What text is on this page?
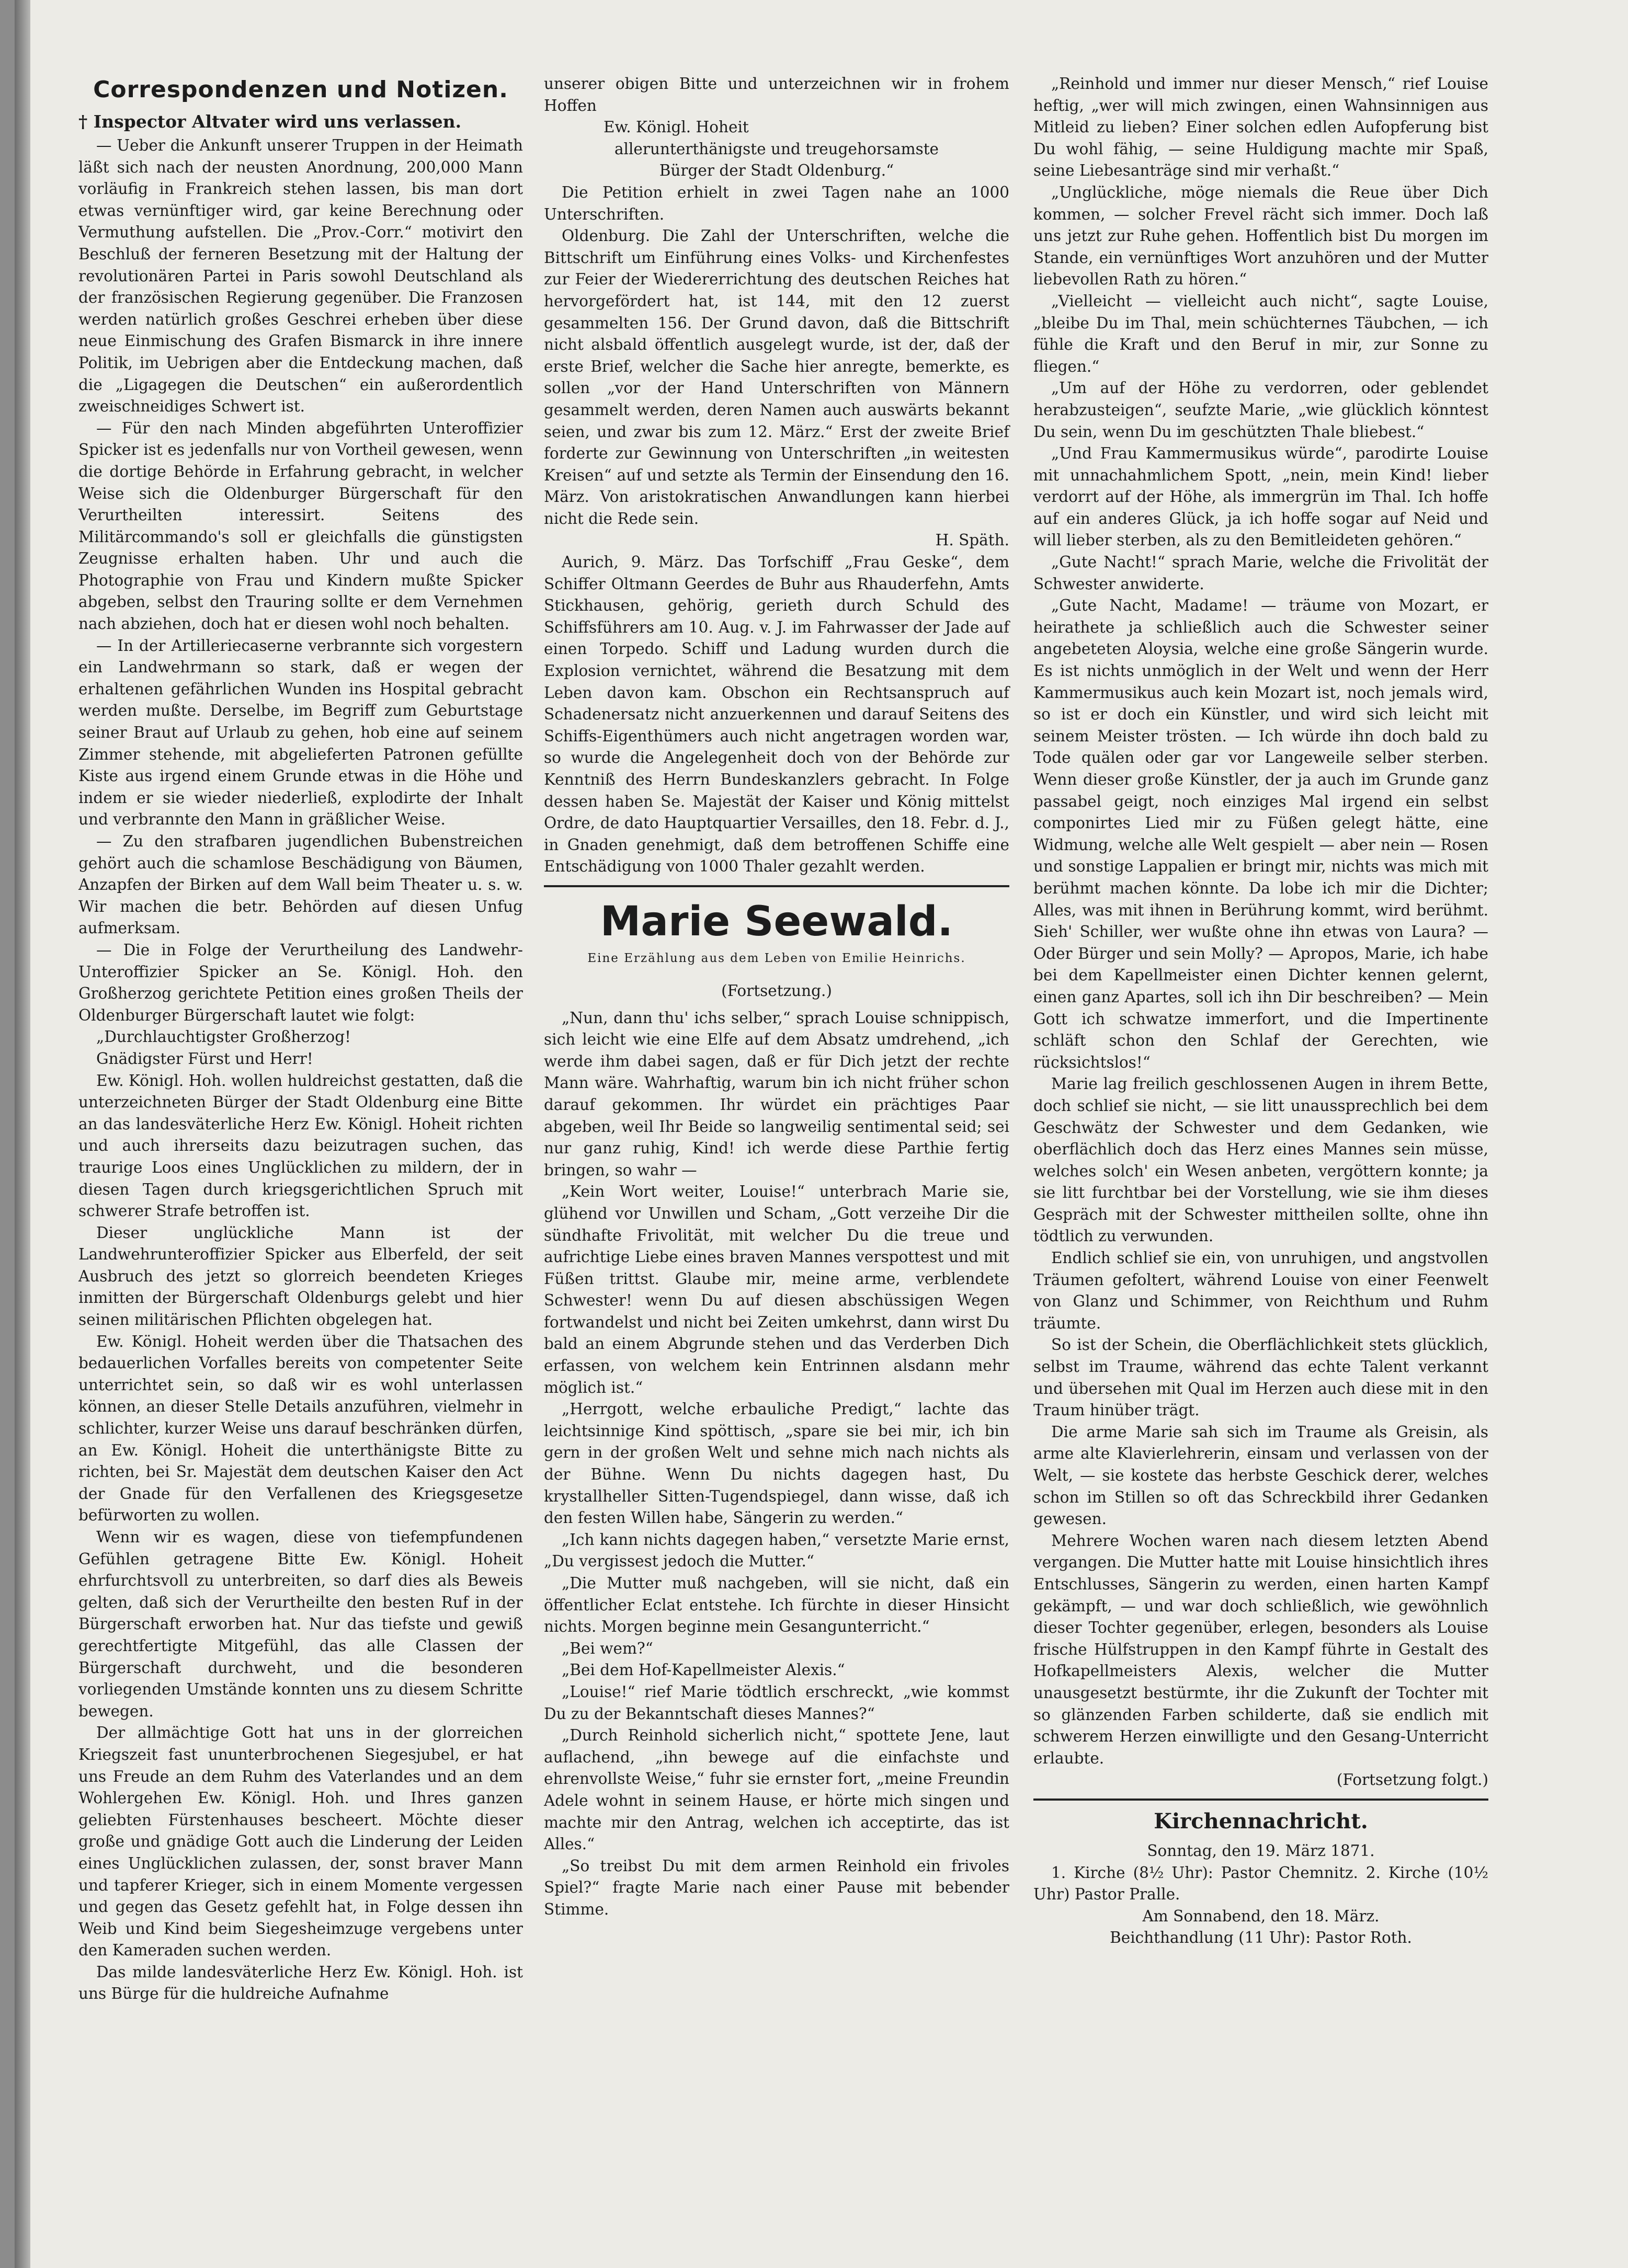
Correspondenzen und Notizen.

† Inspector Altvater wird uns verlassen.

— Ueber die Ankunft unserer Truppen in der Heimath läßt sich nach der neusten Anordnung, 200,000 Mann vorläufig in Frankreich stehen lassen, bis man dort etwas vernünftiger wird, gar keine Berechnung oder Vermuthung aufstellen. Die „Prov.-Corr.“ motivirt den Beschluß der ferneren Besetzung mit der Haltung der revolutionären Partei in Paris sowohl Deutschland als der französischen Regierung gegenüber. Die Franzosen werden natürlich großes Geschrei erheben über diese neue Einmischung des Grafen Bismarck in ihre innere Politik, im Uebrigen aber die Entdeckung machen, daß die „Ligagegen die Deutschen“ ein außerordentlich zweischneidiges Schwert ist.

— Für den nach Minden abgeführten Unteroffizier Spicker ist es jedenfalls nur von Vortheil gewesen, wenn die dortige Behörde in Erfahrung gebracht, in welcher Weise sich die Oldenburger Bürgerschaft für den Verurtheilten interessirt. Seitens des Militärcommando's soll er gleichfalls die günstigsten Zeugnisse erhalten haben. Uhr und auch die Photographie von Frau und Kindern mußte Spicker abgeben, selbst den Trauring sollte er dem Vernehmen nach abziehen, doch hat er diesen wohl noch behalten.

— In der Artilleriecaserne verbrannte sich vorgestern ein Landwehrmann so stark, daß er wegen der erhaltenen gefährlichen Wunden ins Hospital gebracht werden mußte. Derselbe, im Begriff zum Geburtstage seiner Braut auf Urlaub zu gehen, hob eine auf seinem Zimmer stehende, mit abgelieferten Patronen gefüllte Kiste aus irgend einem Grunde etwas in die Höhe und indem er sie wieder niederließ, explodirte der Inhalt und verbrannte den Mann in gräßlicher Weise.

— Zu den strafbaren jugendlichen Bubenstreichen gehört auch die schamlose Beschädigung von Bäumen, Anzapfen der Birken auf dem Wall beim Theater u. s. w. Wir machen die betr. Behörden auf diesen Unfug aufmerksam.

— Die in Folge der Verurtheilung des Landwehr-Unteroffizier Spicker an Se. Königl. Hoh. den Großherzog gerichtete Petition eines großen Theils der Oldenburger Bürgerschaft lautet wie folgt:

„Durchlauchtigster Großherzog!

Gnädigster Fürst und Herr!

Ew. Königl. Hoh. wollen huldreichst gestatten, daß die unterzeichneten Bürger der Stadt Oldenburg eine Bitte an das landesväterliche Herz Ew. Königl. Hoheit richten und auch ihrerseits dazu beizutragen suchen, das traurige Loos eines Unglücklichen zu mildern, der in diesen Tagen durch kriegsgerichtlichen Spruch mit schwerer Strafe betroffen ist.

Dieser unglückliche Mann ist der Landwehrunteroffizier Spicker aus Elberfeld, der seit Ausbruch des jetzt so glorreich beendeten Krieges inmitten der Bürgerschaft Oldenburgs gelebt und hier seinen militärischen Pflichten obgelegen hat.

Ew. Königl. Hoheit werden über die Thatsachen des bedauerlichen Vorfalles bereits von competenter Seite unterrichtet sein, so daß wir es wohl unterlassen können, an dieser Stelle Details anzuführen, vielmehr in schlichter, kurzer Weise uns darauf beschränken dürfen, an Ew. Königl. Hoheit die unterthänigste Bitte zu richten, bei Sr. Majestät dem deutschen Kaiser den Act der Gnade für den Verfallenen des Kriegsgesetze befürworten zu wollen.

Wenn wir es wagen, diese von tiefempfundenen Gefühlen getragene Bitte Ew. Königl. Hoheit ehrfurchtsvoll zu unterbreiten, so darf dies als Beweis gelten, daß sich der Verurtheilte den besten Ruf in der Bürgerschaft erworben hat. Nur das tiefste und gewiß gerechtfertigte Mitgefühl, das alle Classen der Bürgerschaft durchweht, und die besonderen vorliegenden Umstände konnten uns zu diesem Schritte bewegen.

Der allmächtige Gott hat uns in der glorreichen Kriegszeit fast ununterbrochenen Siegesjubel, er hat uns Freude an dem Ruhm des Vaterlandes und an dem Wohlergehen Ew. Königl. Hoh. und Ihres ganzen geliebten Fürstenhauses bescheert. Möchte dieser große und gnädige Gott auch die Linderung der Leiden eines Unglücklichen zulassen, der, sonst braver Mann und tapferer Krieger, sich in einem Momente vergessen und gegen das Gesetz gefehlt hat, in Folge dessen ihn Weib und Kind beim Siegesheimzuge vergebens unter den Kameraden suchen werden.

Das milde landesväterliche Herz Ew. Königl. Hoh. ist uns Bürge für die huldreiche Aufnahme

unserer obigen Bitte und unterzeichnen wir in frohem Hoffen

Ew. Königl. Hoheit

allerunterthänigste und treugehorsamste

Bürger der Stadt Oldenburg.“

Die Petition erhielt in zwei Tagen nahe an 1000 Unterschriften.

Oldenburg. Die Zahl der Unterschriften, welche die Bittschrift um Einführung eines Volks- und Kirchenfestes zur Feier der Wiedererrichtung des deutschen Reiches hat hervorgefördert hat, ist 144, mit den 12 zuerst gesammelten 156. Der Grund davon, daß die Bittschrift nicht alsbald öffentlich ausgelegt wurde, ist der, daß der erste Brief, welcher die Sache hier anregte, bemerkte, es sollen „vor der Hand Unterschriften von Männern gesammelt werden, deren Namen auch auswärts bekannt seien, und zwar bis zum 12. März.“ Erst der zweite Brief forderte zur Gewinnung von Unterschriften „in weitesten Kreisen“ auf und setzte als Termin der Einsendung den 16. März. Von aristokratischen Anwandlungen kann hierbei nicht die Rede sein.

H. Späth.

Aurich, 9. März. Das Torfschiff „Frau Geske“, dem Schiffer Oltmann Geerdes de Buhr aus Rhauderfehn, Amts Stickhausen, gehörig, gerieth durch Schuld des Schiffsführers am 10. Aug. v. J. im Fahrwasser der Jade auf einen Torpedo. Schiff und Ladung wurden durch die Explosion vernichtet, während die Besatzung mit dem Leben davon kam. Obschon ein Rechtsanspruch auf Schadenersatz nicht anzuerkennen und darauf Seitens des Schiffs-Eigenthümers auch nicht angetragen worden war, so wurde die Angelegenheit doch von der Behörde zur Kenntniß des Herrn Bundeskanzlers gebracht. In Folge dessen haben Se. Majestät der Kaiser und König mittelst Ordre, de dato Hauptquartier Versailles, den 18. Febr. d. J., in Gnaden genehmigt, daß dem betroffenen Schiffe eine Entschädigung von 1000 Thaler gezahlt werden.

Marie Seewald.
Eine Erzählung aus dem Leben von Emilie Heinrichs.
(Fortsetzung.)

„Nun, dann thu' ichs selber,“ sprach Louise schnippisch, sich leicht wie eine Elfe auf dem Absatz umdrehend, „ich werde ihm dabei sagen, daß er für Dich jetzt der rechte Mann wäre. Wahrhaftig, warum bin ich nicht früher schon darauf gekommen. Ihr würdet ein prächtiges Paar abgeben, weil Ihr Beide so langweilig sentimental seid; sei nur ganz ruhig, Kind! ich werde diese Parthie fertig bringen, so wahr —

„Kein Wort weiter, Louise!“ unterbrach Marie sie, glühend vor Unwillen und Scham, „Gott verzeihe Dir die sündhafte Frivolität, mit welcher Du die treue und aufrichtige Liebe eines braven Mannes verspottest und mit Füßen trittst. Glaube mir, meine arme, verblendete Schwester! wenn Du auf diesen abschüssigen Wegen fortwandelst und nicht bei Zeiten umkehrst, dann wirst Du bald an einem Abgrunde stehen und das Verderben Dich erfassen, von welchem kein Entrinnen alsdann mehr möglich ist.“

„Herrgott, welche erbauliche Predigt,“ lachte das leichtsinnige Kind spöttisch, „spare sie bei mir, ich bin gern in der großen Welt und sehne mich nach nichts als der Bühne. Wenn Du nichts dagegen hast, Du krystallheller Sitten-Tugendspiegel, dann wisse, daß ich den festen Willen habe, Sängerin zu werden.“

„Ich kann nichts dagegen haben,“ versetzte Marie ernst, „Du vergissest jedoch die Mutter.“

„Die Mutter muß nachgeben, will sie nicht, daß ein öffentlicher Eclat entstehe. Ich fürchte in dieser Hinsicht nichts. Morgen beginne mein Gesangunterricht.“

„Bei wem?“

„Bei dem Hof-Kapellmeister Alexis.“

„Louise!“ rief Marie tödtlich erschreckt, „wie kommst Du zu der Bekanntschaft dieses Mannes?“

„Durch Reinhold sicherlich nicht,“ spottete Jene, laut auflachend, „ihn bewege auf die einfachste und ehrenvollste Weise,“ fuhr sie ernster fort, „meine Freundin Adele wohnt in seinem Hause, er hörte mich singen und machte mir den Antrag, welchen ich acceptirte, das ist Alles.“

„So treibst Du mit dem armen Reinhold ein frivoles Spiel?“ fragte Marie nach einer Pause mit bebender Stimme.

„Reinhold und immer nur dieser Mensch,“ rief Louise heftig, „wer will mich zwingen, einen Wahnsinnigen aus Mitleid zu lieben? Einer solchen edlen Aufopferung bist Du wohl fähig, — seine Huldigung machte mir Spaß, seine Liebesanträge sind mir verhaßt.“

„Unglückliche, möge niemals die Reue über Dich kommen, — solcher Frevel rächt sich immer. Doch laß uns jetzt zur Ruhe gehen. Hoffentlich bist Du morgen im Stande, ein vernünftiges Wort anzuhören und der Mutter liebevollen Rath zu hören.“

„Vielleicht — vielleicht auch nicht“, sagte Louise, „bleibe Du im Thal, mein schüchternes Täubchen, — ich fühle die Kraft und den Beruf in mir, zur Sonne zu fliegen.“

„Um auf der Höhe zu verdorren, oder geblendet herabzusteigen“, seufzte Marie, „wie glücklich könntest Du sein, wenn Du im geschützten Thale bliebest.“

„Und Frau Kammermusikus würde“, parodirte Louise mit unnachahmlichem Spott, „nein, mein Kind! lieber verdorrt auf der Höhe, als immergrün im Thal. Ich hoffe auf ein anderes Glück, ja ich hoffe sogar auf Neid und will lieber sterben, als zu den Bemitleideten gehören.“

„Gute Nacht!“ sprach Marie, welche die Frivolität der Schwester anwiderte.

„Gute Nacht, Madame! — träume von Mozart, er heirathete ja schließlich auch die Schwester seiner angebeteten Aloysia, welche eine große Sängerin wurde. Es ist nichts unmöglich in der Welt und wenn der Herr Kammermusikus auch kein Mozart ist, noch jemals wird, so ist er doch ein Künstler, und wird sich leicht mit seinem Meister trösten. — Ich würde ihn doch bald zu Tode quälen oder gar vor Langeweile selber sterben. Wenn dieser große Künstler, der ja auch im Grunde ganz passabel geigt, noch einziges Mal irgend ein selbst componirtes Lied mir zu Füßen gelegt hätte, eine Widmung, welche alle Welt gespielt — aber nein — Rosen und sonstige Lappalien er bringt mir, nichts was mich mit berühmt machen könnte. Da lobe ich mir die Dichter; Alles, was mit ihnen in Berührung kommt, wird berühmt. Sieh' Schiller, wer wußte ohne ihn etwas von Laura? — Oder Bürger und sein Molly? — Apropos, Marie, ich habe bei dem Kapellmeister einen Dichter kennen gelernt, einen ganz Apartes, soll ich ihn Dir beschreiben? — Mein Gott ich schwatze immerfort, und die Impertinente schläft schon den Schlaf der Gerechten, wie rücksichtslos!“

Marie lag freilich geschlossenen Augen in ihrem Bette, doch schlief sie nicht, — sie litt unaussprechlich bei dem Geschwätz der Schwester und dem Gedanken, wie oberflächlich doch das Herz eines Mannes sein müsse, welches solch' ein Wesen anbeten, vergöttern konnte; ja sie litt furchtbar bei der Vorstellung, wie sie ihm dieses Gespräch mit der Schwester mittheilen sollte, ohne ihn tödtlich zu verwunden.

Endlich schlief sie ein, von unruhigen, und angstvollen Träumen gefoltert, während Louise von einer Feenwelt von Glanz und Schimmer, von Reichthum und Ruhm träumte.

So ist der Schein, die Oberflächlichkeit stets glücklich, selbst im Traume, während das echte Talent verkannt und übersehen mit Qual im Herzen auch diese mit in den Traum hinüber trägt.

Die arme Marie sah sich im Traume als Greisin, als arme alte Klavierlehrerin, einsam und verlassen von der Welt, — sie kostete das herbste Geschick derer, welches schon im Stillen so oft das Schreckbild ihrer Gedanken gewesen.

Mehrere Wochen waren nach diesem letzten Abend vergangen. Die Mutter hatte mit Louise hinsichtlich ihres Entschlusses, Sängerin zu werden, einen harten Kampf gekämpft, — und war doch schließlich, wie gewöhnlich dieser Tochter gegenüber, erlegen, besonders als Louise frische Hülfstruppen in den Kampf führte in Gestalt des Hofkapellmeisters Alexis, welcher die Mutter unausgesetzt bestürmte, ihr die Zukunft der Tochter mit so glänzenden Farben schilderte, daß sie endlich mit schwerem Herzen einwilligte und den Gesang-Unterricht erlaubte.

(Fortsetzung folgt.)

Kirchennachricht.

Sonntag, den 19. März 1871.

1. Kirche (8½ Uhr): Pastor Chemnitz. 2. Kirche (10½ Uhr) Pastor Pralle.

Am Sonnabend, den 18. März.

Beichthandlung (11 Uhr): Pastor Roth.
